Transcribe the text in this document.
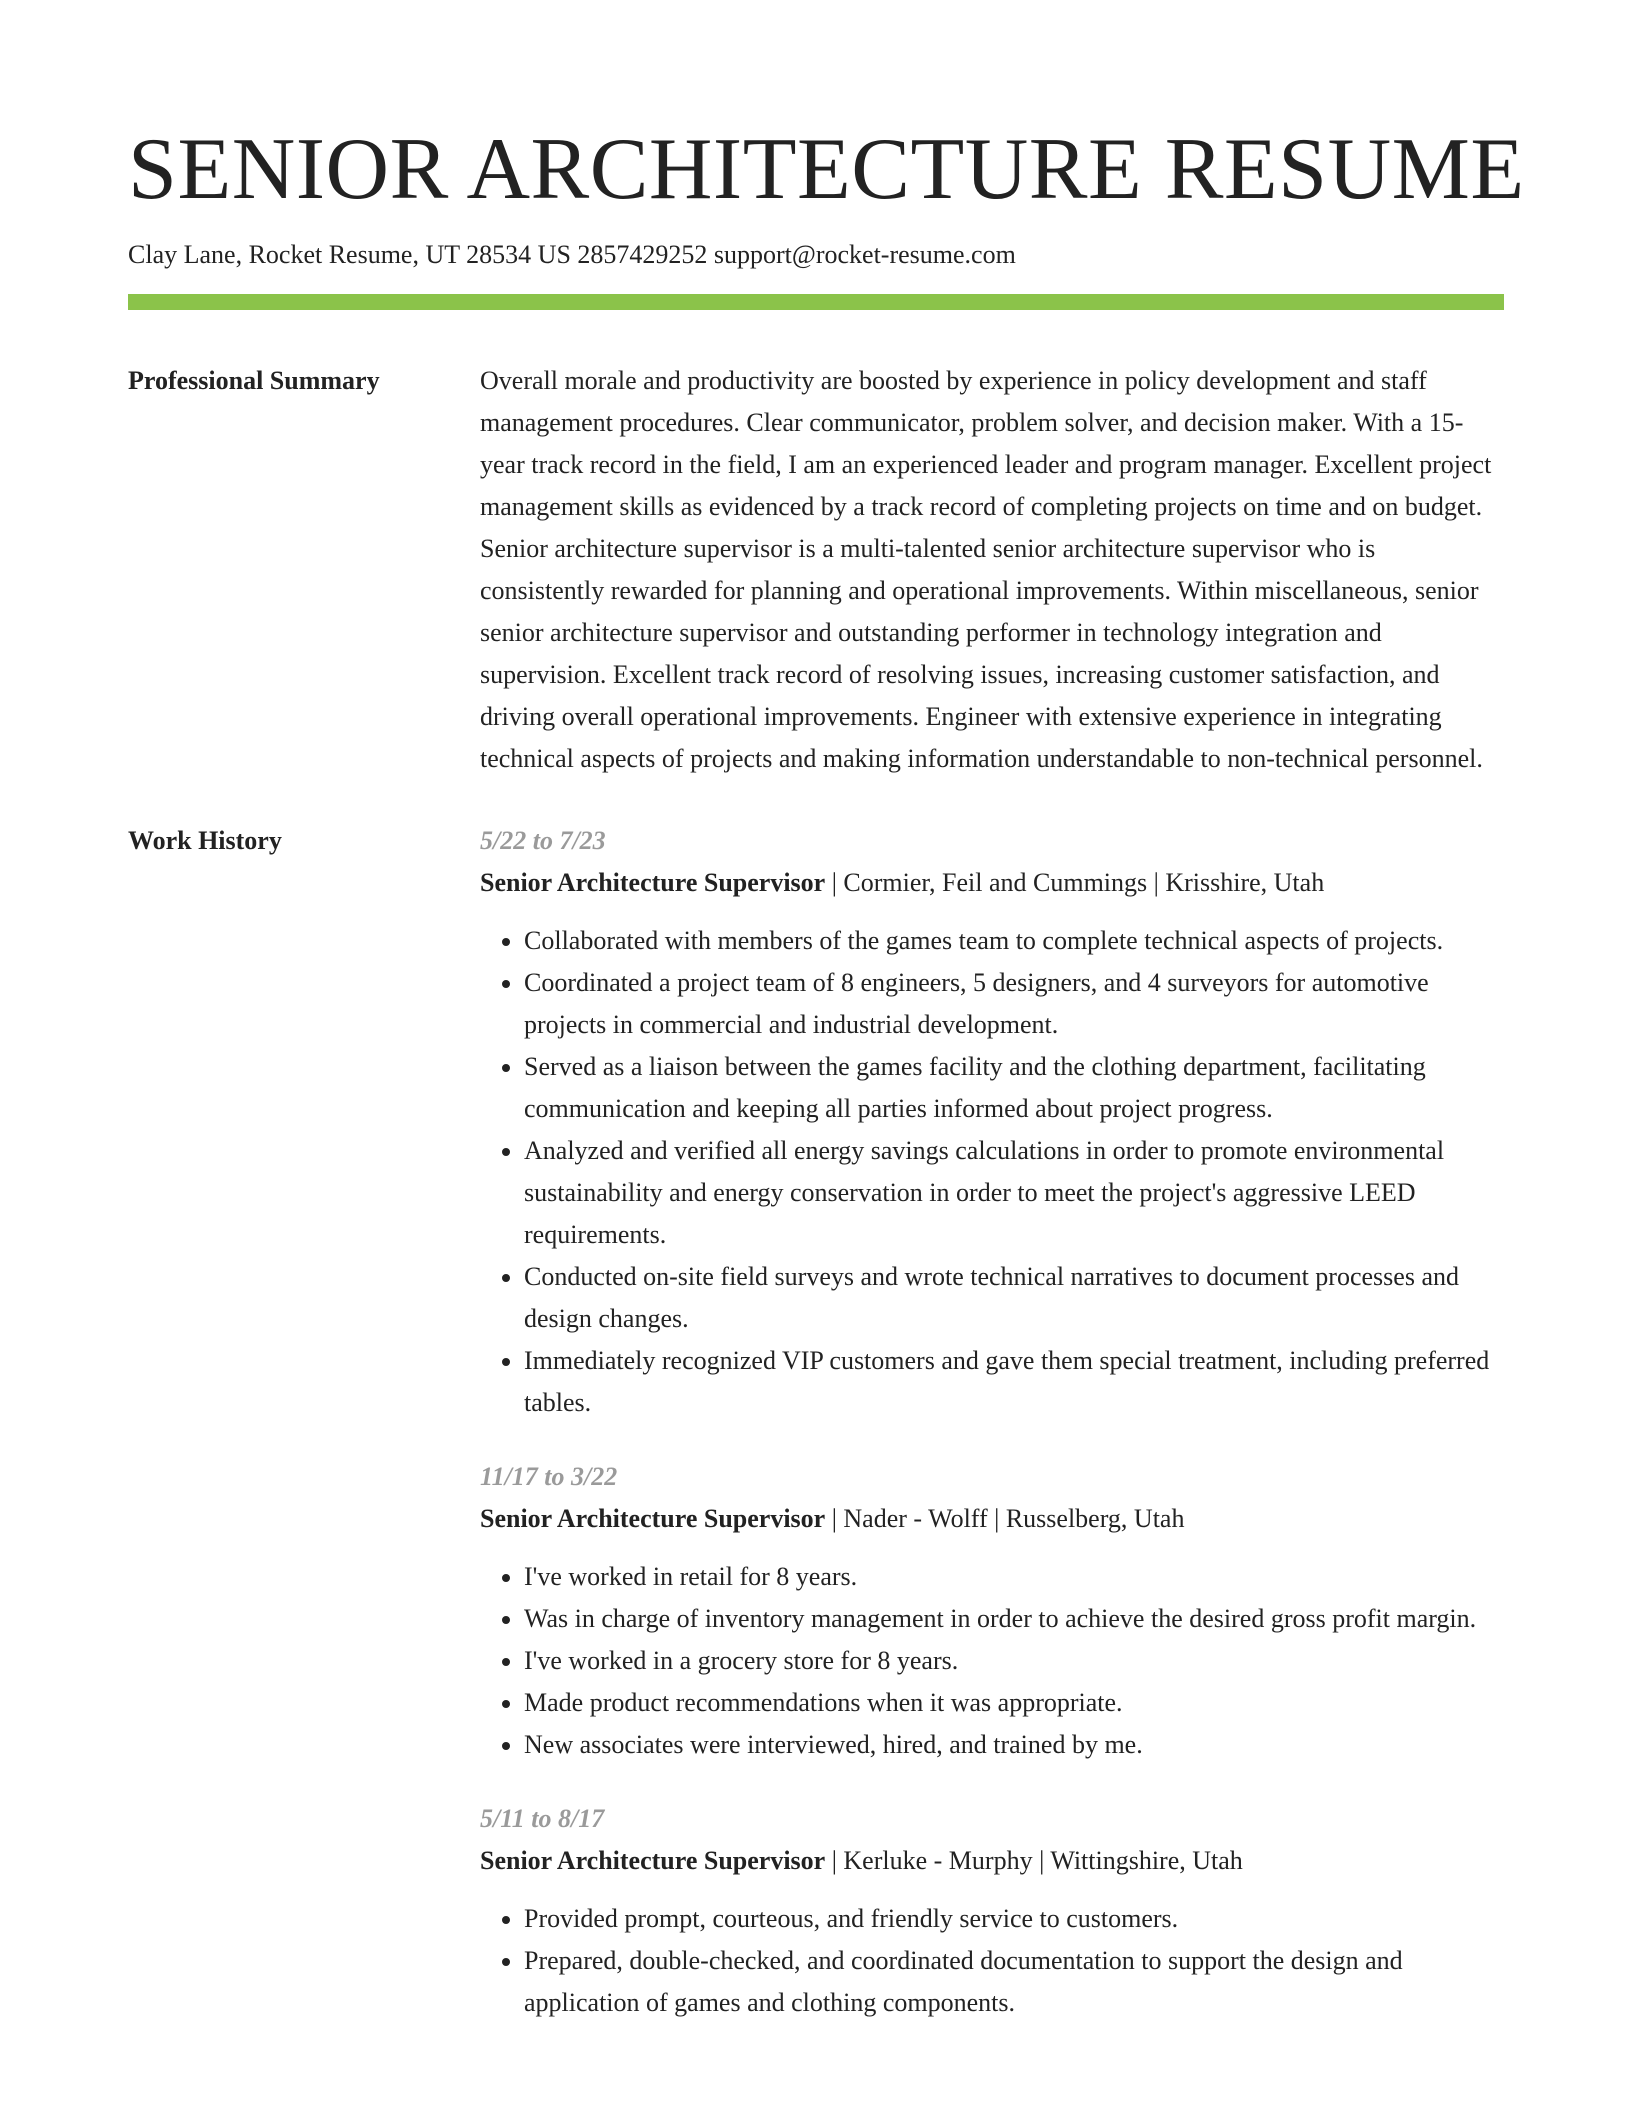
SENIOR ARCHITECTURE RESUME
Clay Lane, Rocket Resume, UT 28534 US 2857429252 support@rocket-resume.com
Professional Summary	Overall morale and productivity are boosted by experience in policy development and staff management procedures. Clear communicator, problem solver, and decision maker. With a 15-year track record in the field, I am an experienced leader and program manager. Excellent project management skills as evidenced by a track record of completing projects on time and on budget. Senior architecture supervisor is a multi-talented senior architecture supervisor who is consistently rewarded for planning and operational improvements. Within miscellaneous, senior senior architecture supervisor and outstanding performer in technology integration and supervision. Excellent track record of resolving issues, increasing customer satisfaction, and driving overall operational improvements. Engineer with extensive experience in integrating technical aspects of projects and making information understandable to non-technical personnel.

Work History	5/22 to 7/23
Senior Architecture Supervisor | Cormier, Feil and Cummings | Krisshire, Utah
• Collaborated with members of the games team to complete technical aspects of projects.
• Coordinated a project team of 8 engineers, 5 designers, and 4 surveyors for automotive projects in commercial and industrial development.
• Served as a liaison between the games facility and the clothing department, facilitating communication and keeping all parties informed about project progress.
• Analyzed and verified all energy savings calculations in order to promote environmental sustainability and energy conservation in order to meet the project's aggressive LEED requirements.
• Conducted on-site field surveys and wrote technical narratives to document processes and design changes.
• Immediately recognized VIP customers and gave them special treatment, including preferred tables.
11/17 to 3/22
Senior Architecture Supervisor | Nader - Wolff | Russelberg, Utah
• I've worked in retail for 8 years.
• Was in charge of inventory management in order to achieve the desired gross profit margin.
• I've worked in a grocery store for 8 years.
• Made product recommendations when it was appropriate.
• New associates were interviewed, hired, and trained by me.
5/11 to 8/17
Senior Architecture Supervisor | Kerluke - Murphy | Wittingshire, Utah
• Provided prompt, courteous, and friendly service to customers.
• Prepared, double-checked, and coordinated documentation to support the design and application of games and clothing components.
